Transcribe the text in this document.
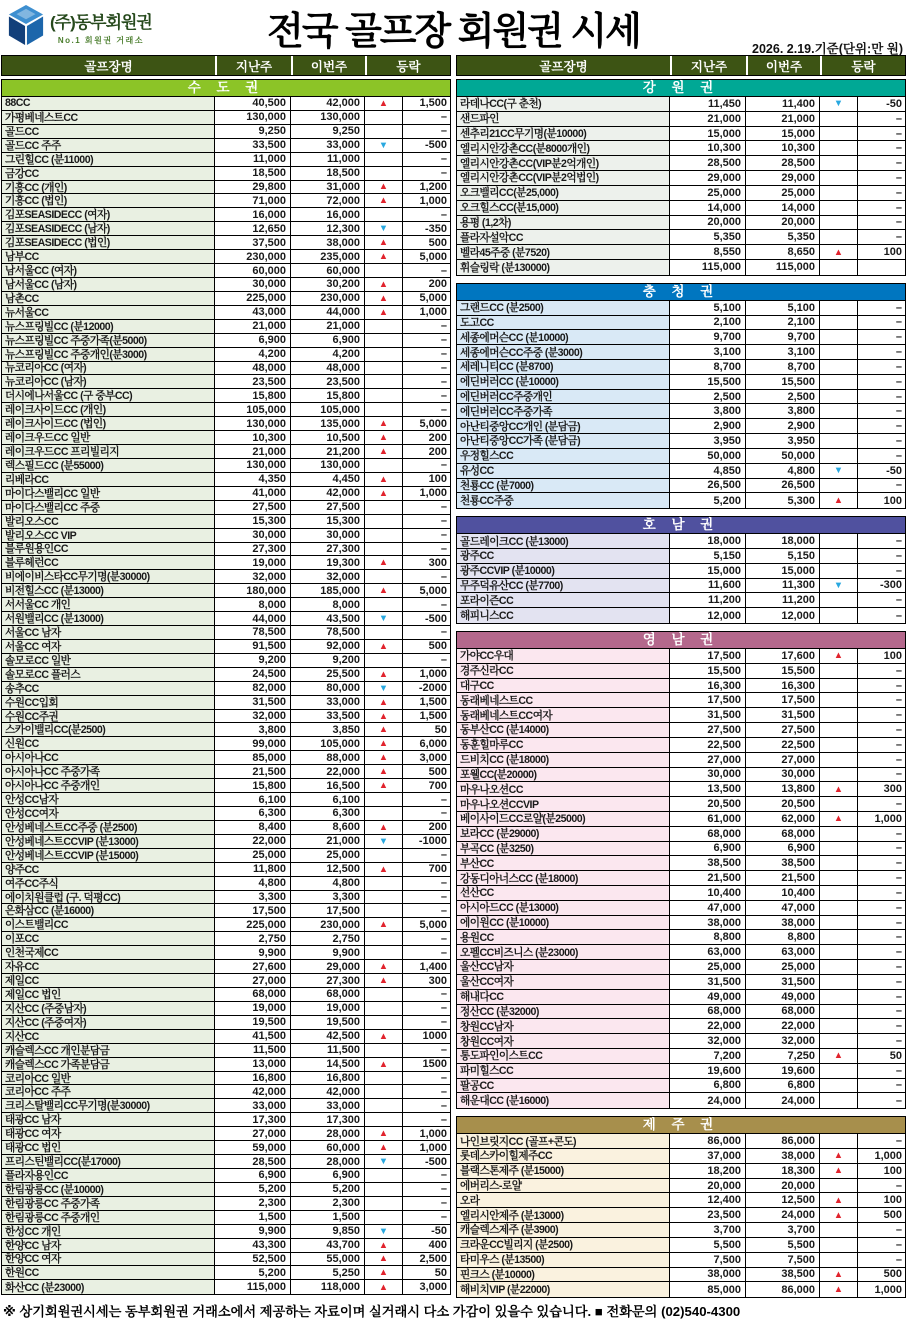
(주)동부회원권
No.1 회원권 거래소	전국 골프장 회원권 시세	2026. 2.19.기준(단위:만 원)
골프장명	지난주	이번주	등락
수 도 권
88CC	40,500	42,000	▲	1,500
가평베네스트CC	130,000	130,000	–
골드CC	9,250	9,250	–
골드CC 주주	33,500	33,000	▼	-500
그린힐CC (분11000)	11,000	11,000	–
금강CC	18,500	18,500	–
기흥CC (개인)	29,800	31,000	▲	1,200
기흥CC (법인)	71,000	72,000	▲	1,000
김포SEASIDECC (여자)	16,000	16,000	–
김포SEASIDECC (남자)	12,650	12,300	▼	-350
김포SEASIDECC (법인)	37,500	38,000	▲	500
남부CC	230,000	235,000	▲	5,000
남서울CC (여자)	60,000	60,000	–
남서울CC (남자)	30,000	30,200	▲	200
남촌CC	225,000	230,000	▲	5,000
뉴서울CC	43,000	44,000	▲	1,000
뉴스프링빌CC (분12000)	21,000	21,000	–
뉴스프링빌CC 주중가족(분5000)	6,900	6,900	–
뉴스프링빌CC 주중개인(분3000)	4,200	4,200	–
뉴코리아CC (여자)	48,000	48,000	–
뉴코리아CC (남자)	23,500	23,500	–
더시에나서울CC (구 중부CC)	15,800	15,800	–
레이크사이드CC (개인)	105,000	105,000	–
레이크사이드CC (법인)	130,000	135,000	▲	5,000
레이크우드CC 일반	10,300	10,500	▲	200
레이크우드CC 프리빌리지	21,000	21,200	▲	200
렉스필드CC (분55000)	130,000	130,000	–
리베라CC	4,350	4,450	▲	100
마이다스밸리CC 일반	41,000	42,000	▲	1,000
마이다스밸리CC 주중	27,500	27,500	–
발리오스CC	15,300	15,300	–
발리오스CC VIP	30,000	30,000	–
블루원용인CC	27,300	27,300	–
블루헤런CC	19,000	19,300	▲	300
비에이비스타CC무기명(분30000)	32,000	32,000	–
비전힐스CC (분13000)	180,000	185,000	▲	5,000
서서울CC 개인	8,000	8,000	–
서원밸리CC (분13000)	44,000	43,500	▼	-500
서울CC 남자	78,500	78,500	–
서울CC 여자	91,500	92,000	▲	500
솔모로CC 일반	9,200	9,200	–
솔모로CC 플러스	24,500	25,500	▲	1,000
송추CC	82,000	80,000	▼	-2000
수원CC입회	31,500	33,000	▲	1,500
수원CC주권	32,000	33,500	▲	1,500
스카이밸리CC(분2500)	3,800	3,850	▲	50
신원CC	99,000	105,000	▲	6,000
아시아나CC	85,000	88,000	▲	3,000
아시아나CC 주중가족	21,500	22,000	▲	500
아시아나CC 주중개인	15,800	16,500	▲	700
안성CC남자	6,100	6,100	–
안성CC여자	6,300	6,300	–
안성베네스트CC주중 (분2500)	8,400	8,600	▲	200
안성베네스트CCVIP (분13000)	22,000	21,000	▼	-1000
안성베네스트CCVIP (분15000)	25,000	25,000	–
양주CC	11,800	12,500	▲	700
여주CC주식	4,800	4,800	–
에이치원클럽 (구. 덕평CC)	3,300	3,300	–
은화삼CC (분16000)	17,500	17,500	–
이스트밸리CC	225,000	230,000	▲	5,000
이포CC	2,750	2,750	–
인천국제CC	9,900	9,900	–
자유CC	27,600	29,000	▲	1,400
제일CC	27,000	27,300	▲	300
제일CC 법인	68,000	68,000	–
지산CC (주중남자)	19,000	19,000	–
지산CC (주중여자)	19,500	19,500	–
지산CC	41,500	42,500	▲	1000
캐슬렉스CC 개인분담금	11,500	11,500	–
캐슬렉스CC 가족분담금	13,000	14,500	▲	1500
코리아CC 일반	16,800	16,800	–
코리아CC 주주	42,000	42,000	–
크리스탈밸리CC무기명(분30000)	33,000	33,000	–
태광CC 남자	17,300	17,300	–
태광CC 여자	27,000	28,000	▲	1,000
태광CC 법인	59,000	60,000	▲	1,000
프리스틴밸리CC(분17000)	28,500	28,000	▼	-500
플라자용인CC	6,900	6,900	–
한림광릉CC (분10000)	5,200	5,200	–
한림광릉CC 주중가족	2,300	2,300	–
한림광릉CC 주중개인	1,500	1,500	–
한성CC 개인	9,900	9,850	▼	-50
한양CC 남자	43,300	43,700	▲	400
한양CC 여자	52,500	55,000	▲	2,500
한원CC	5,200	5,250	▲	50
화산CC (분23000)	115,000	118,000	▲	3,000
골프장명	지난주	이번주	등락
강 원 권
라데나CC(구 춘천)	11,450	11,400	▼	-50
샌드파인	21,000	21,000	–
센추리21CC무기명(분10000)	15,000	15,000	–
엘리시안강촌CC(분8000개인)	10,300	10,300	–
엘리시안강촌CC(VIP분2억개인)	28,500	28,500	–
엘리시안강촌CC(VIP분2억법인)	29,000	29,000	–
오크밸리CC(분25,000)	25,000	25,000	–
오크힐스CC(분15,000)	14,000	14,000	–
용평 (1,2차)	20,000	20,000	–
플라자설악CC	5,350	5,350	–
벨라45주중 (분7520)	8,550	8,650	▲	100
휘슬링락 (분130000)	115,000	115,000
충 청 권
그랜드CC (분2500)	5,100	5,100	–
도고CC	2,100	2,100	–
세종에머슨CC (분10000)	9,700	9,700	–
세종에머슨CC주중 (분3000)	3,100	3,100	–
세레니티CC (분8700)	8,700	8,700	–
에딘버러CC (분10000)	15,500	15,500	–
에딘버러CC주중개인	2,500	2,500	–
에딘버러CC주중가족	3,800	3,800	–
아난티중앙CC개인 (분담금)	2,900	2,900	–
아난티중앙CC가족 (분담금)	3,950	3,950	–
우정힐스CC	50,000	50,000	–
유성CC	4,850	4,800	▼	-50
천룡CC (분7000)	26,500	26,500	–
천룡CC주중	5,200	5,300	▲	100
호 남 권
골드레이크CC (분13000)	18,000	18,000	–
광주CC	5,150	5,150	–
광주CCVIP (분10000)	15,000	15,000	–
무주덕유산CC (분7700)	11,600	11,300	▼	-300
포라이즌CC	11,200	11,200	–
해피니스CC	12,000	12,000	–
영 남 권
가야CC우대	17,500	17,600	▲	100
경주신라CC	15,500	15,500	–
대구CC	16,300	16,300	–
동래베네스트CC	17,500	17,500	–
동래베네스트CC여자	31,500	31,500	–
동부산CC (분14000)	27,500	27,500	–
동훈힐마루CC	22,500	22,500	–
드비치CC (분18000)	27,000	27,000	–
포웰CC(분20000)	30,000	30,000	–
마우나오션CC	13,500	13,800	▲	300
마우나오션CCVIP	20,500	20,500	–
베이사이드CC로얄(분25000)	61,000	62,000	▲	1,000
보라CC (분29000)	68,000	68,000	–
부곡CC (분3250)	6,900	6,900	–
부산CC	38,500	38,500	–
강동디아너스CC (분18000)	21,500	21,500	–
선산CC	10,400	10,400	–
아시아드CC (분13000)	47,000	47,000	–
에이원CC (분10000)	38,000	38,000	–
용원CC	8,800	8,800	–
오펠CC비즈니스 (분23000)	63,000	63,000	–
울산CC남자	25,000	25,000	–
울산CC여자	31,500	31,500	–
해내다CC	49,000	49,000	–
정산CC (분32000)	68,000	68,000	–
창원CC남자	22,000	22,000	–
창원CC여자	32,000	32,000	–
통도파인이스트CC	7,200	7,250	▲	50
파미힐스CC	19,600	19,600	–
팔공CC	6,800	6,800	–
해운대CC (분16000)	24,000	24,000	–
제 주 권
나인브릿지CC (골프+콘도)	86,000	86,000	–
롯데스카이힐제주CC	37,000	38,000	▲	1,000
블랙스톤제주 (분15000)	18,200	18,300	▲	100
에버리스-로얄	20,000	20,000	–
오라	12,400	12,500	▲	100
엘리시안제주 (분13000)	23,500	24,000	▲	500
캐슬렉스제주 (분3900)	3,700	3,700	–
크라운CC빌리지 (분2500)	5,500	5,500	–
타미우스 (분13500)	7,500	7,500	–
핀크스 (분10000)	38,000	38,500	▲	500
해비치VIP (분22000)	85,000	86,000	▲	1,000
※ 상기회원권시세는 동부회원권 거래소에서 제공하는 자료이며 실거래시 다소 가감이 있을수 있습니다. ■ 전화문의 (02)540-4300
